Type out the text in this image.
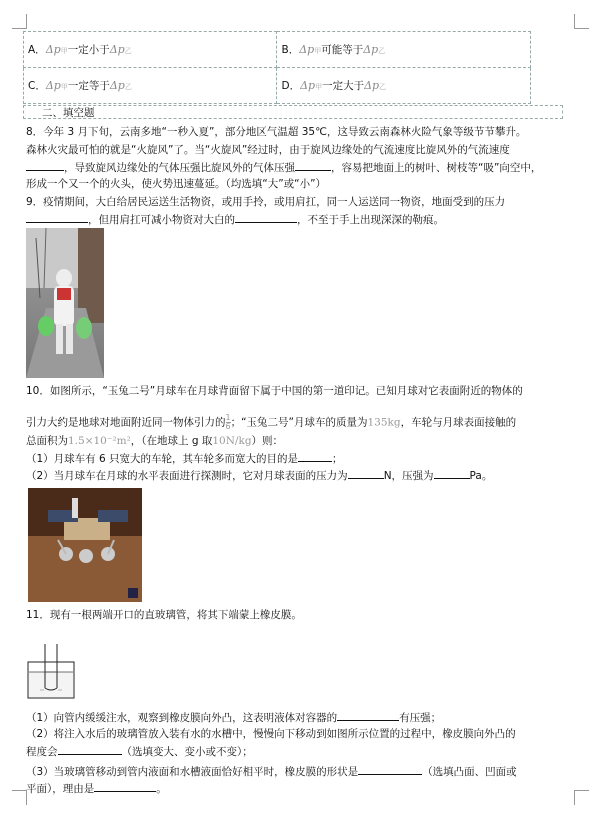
A．Δp甲一定小于Δp乙	B．Δp甲可能等于Δp乙
C．Δp甲一定等于Δp乙	D．Δp甲一定大于Δp乙
二、填空题
8．今年 3 月下旬，云南多地“一秒入夏”，部分地区气温超 35℃，这导致云南森林火险气象等级节节攀升。
森林火灾最可怕的就是“火旋风”了。当“火旋风”经过时，由于旋风边缘处的气流速度比旋风外的气流速度
，导致旋风边缘处的气体压强比旋风外的气体压强	，容易把地面上的树叶、树枝等“吸”向空中，
形成一个又一个的火头，使火势迅速蔓延。（均选填“大”或“小”）
9．疫情期间，大白给居民运送生活物资，或用手拎，或用肩扛，同一人运送同一物资，地面受到的压力
，但用肩扛可减小物资对大白的	，不至于手上出现深深的勒痕。
10．如图所示，“玉兔二号”月球车在月球背面留下属于中国的第一道印记。已知月球对它表面附近的物体的
引力大约是地球对地面附近同一物体引力的 $\frac{1}{6}$ ；“玉兔二号”月球车的质量为135kg，车轮与月球表面接触的
总面积为1.5×10⁻²m²，（在地球上 g 取10N/kg）则：
（1）月球车有 6 只宽大的车轮，其车轮多而宽大的目的是	；
（2）当月球车在月球的水平表面进行探测时，它对月球表面的压力为	N，压强为	Pa。
11．现有一根两端开口的直玻璃管，将其下端蒙上橡皮膜。
（1）向管内缓缓注水，观察到橡皮膜向外凸，这表明液体对容器的	有压强；
（2）将注入水后的玻璃管放入装有水的水槽中，慢慢向下移动到如图所示位置的过程中，橡皮膜向外凸的
程度会	（选填变大、变小或不变）；
（3）当玻璃管移动到管内液面和水槽液面恰好相平时，橡皮膜的形状是	（选填凸面、凹面或
平面），理由是	。
